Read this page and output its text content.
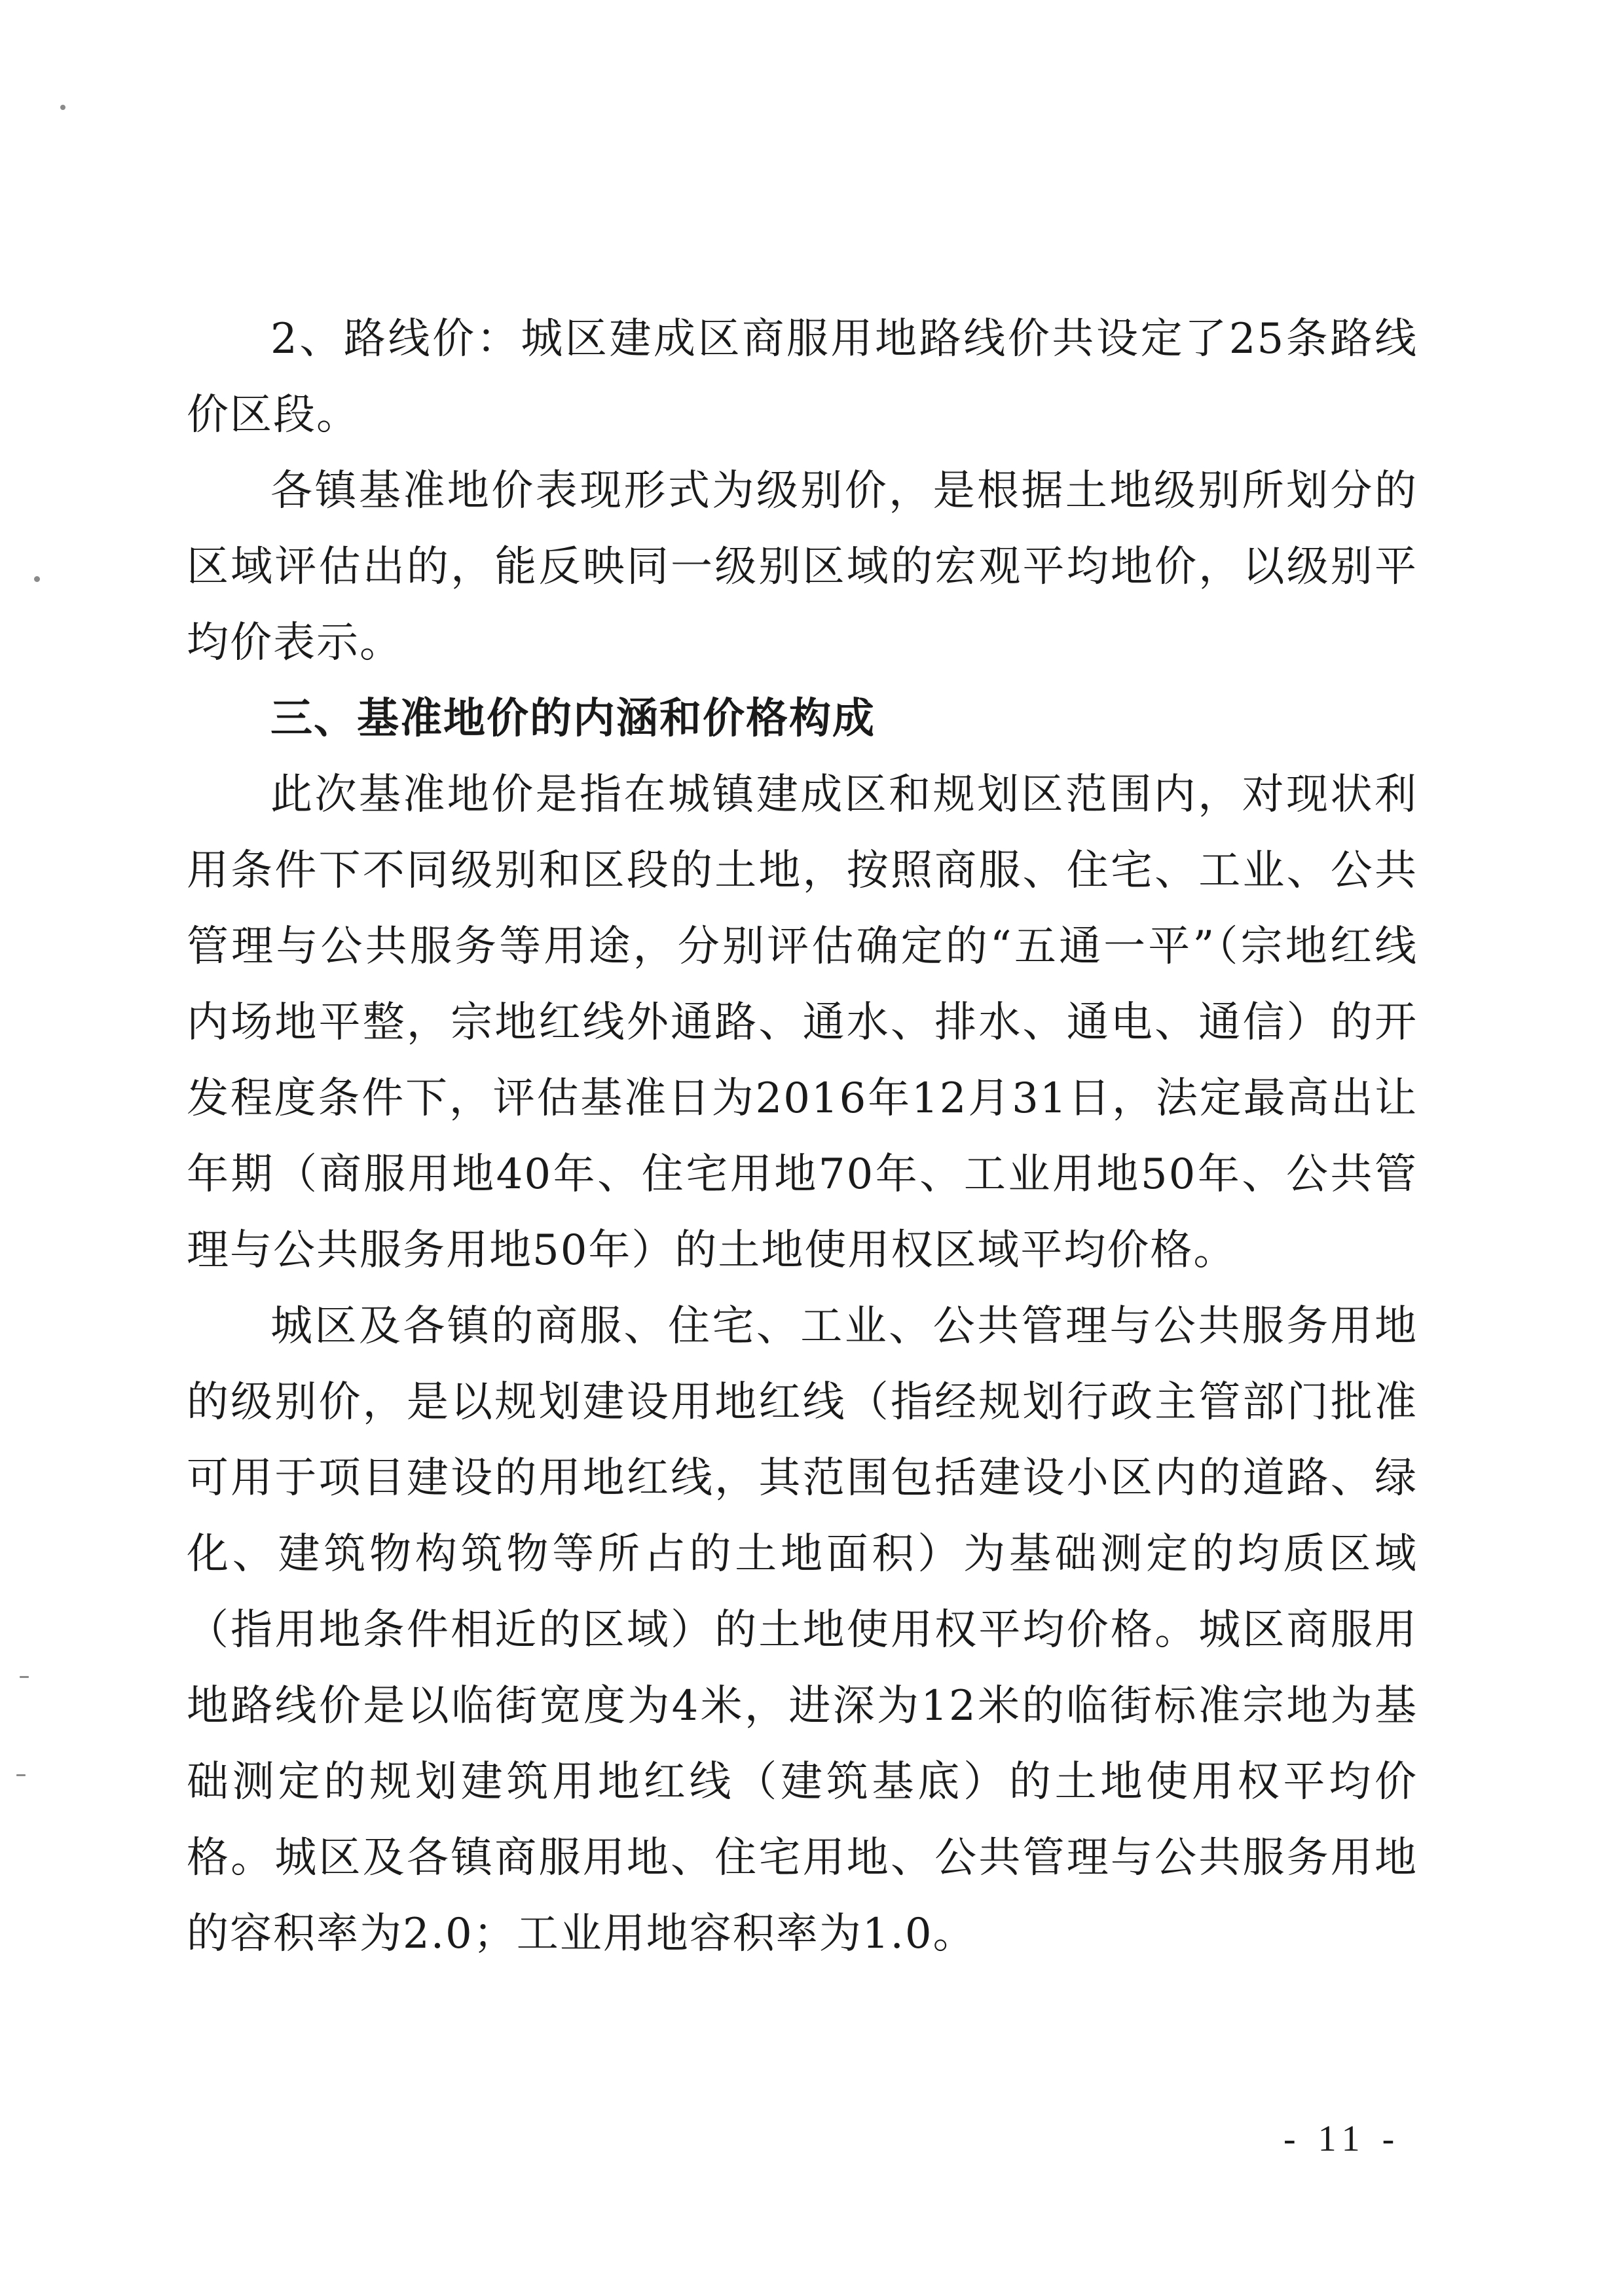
2、路线价：城区建成区商服用地路线价共设定了25条路线价区段。

各镇基准地价表现形式为级别价，是根据土地级别所划分的区域评估出的，能反映同一级别区域的宏观平均地价，以级别平均价表示。

三、基准地价的内涵和价格构成

此次基准地价是指在城镇建成区和规划区范围内，对现状利用条件下不同级别和区段的土地，按照商服、住宅、工业、公共管理与公共服务等用途，分别评估确定的“五通一平”（宗地红线内场地平整，宗地红线外通路、通水、排水、通电、通信）的开发程度条件下，评估基准日为2016年12月31日，法定最高出让年期（商服用地40年、住宅用地70年、工业用地50年、公共管理与公共服务用地50年）的土地使用权区域平均价格。

城区及各镇的商服、住宅、工业、公共管理与公共服务用地的级别价，是以规划建设用地红线（指经规划行政主管部门批准可用于项目建设的用地红线，其范围包括建设小区内的道路、绿化、建筑物构筑物等所占的土地面积）为基础测定的均质区域（指用地条件相近的区域）的土地使用权平均价格。城区商服用地路线价是以临街宽度为4米，进深为12米的临街标准宗地为基础测定的规划建筑用地红线（建筑基底）的土地使用权平均价格。城区及各镇商服用地、住宅用地、公共管理与公共服务用地的容积率为2.0；工业用地容积率为1.0。

- 11 -
